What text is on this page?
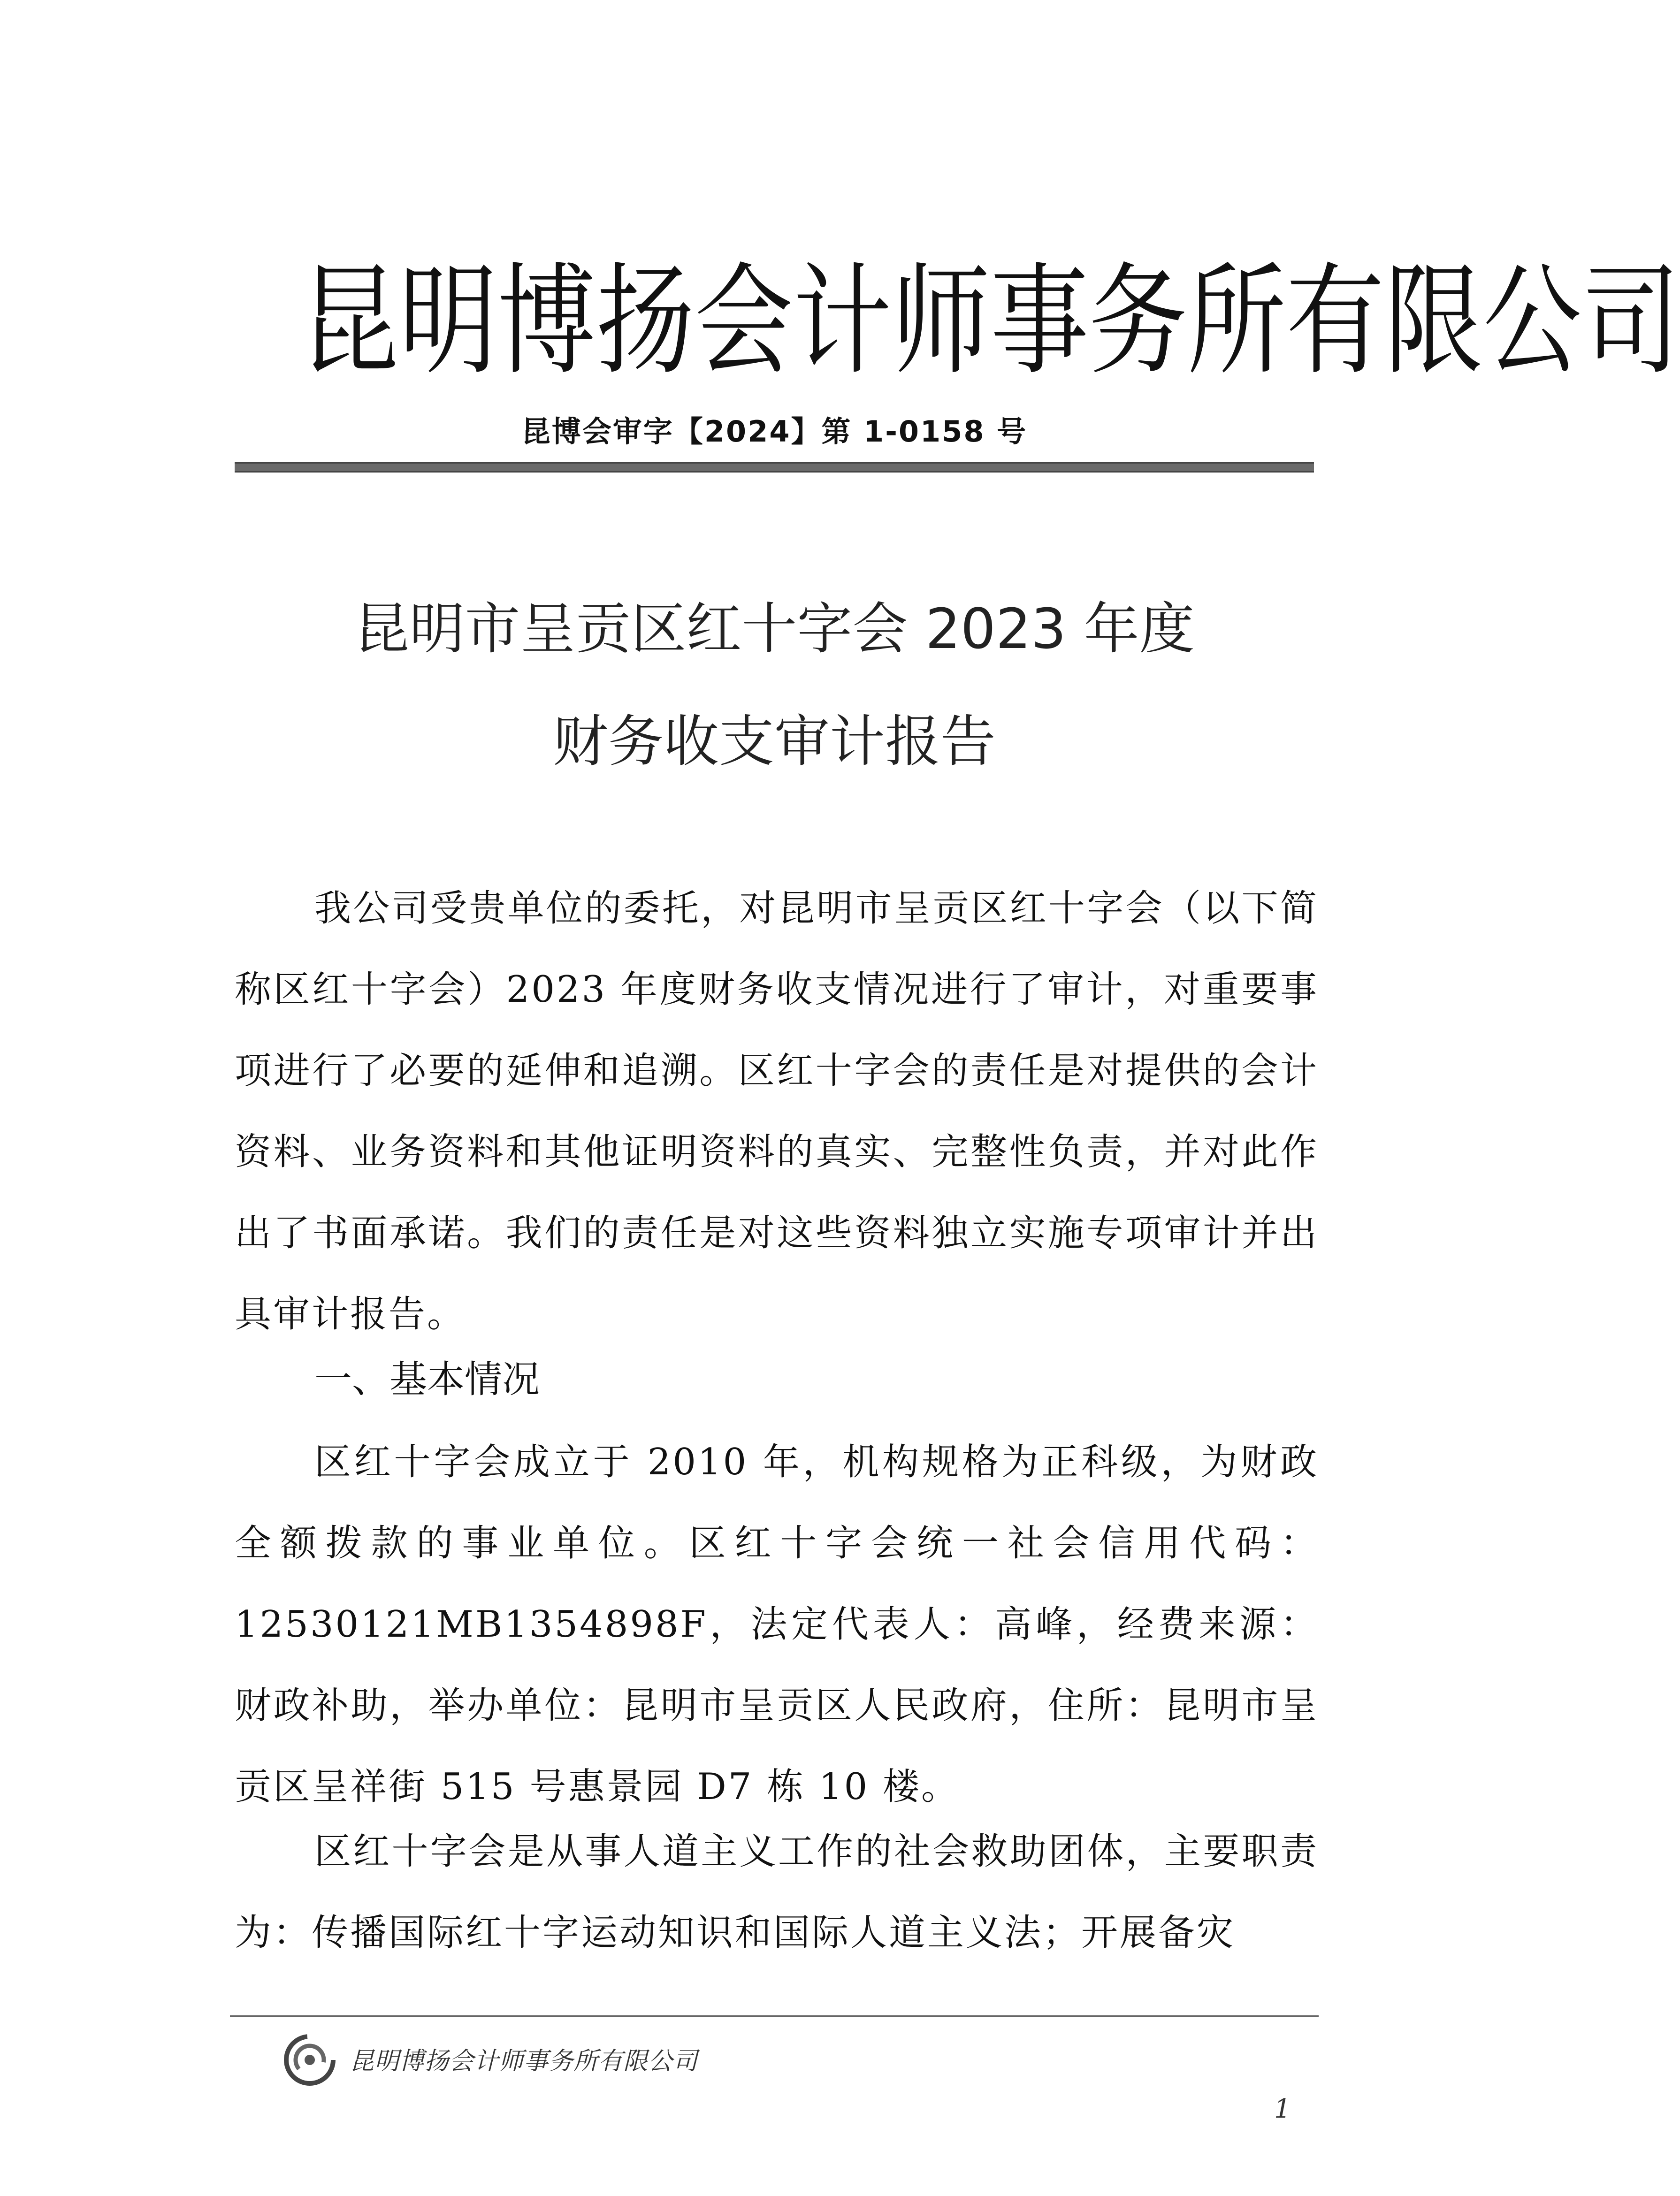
昆 明 博 扬 会 计 师 事 务 所 有 限 公 司
昆博会审字【2024】第 1-0158 号
昆明市呈贡区红十字会 2023 年度
财务收支审计报告

我公司受贵单位的委托，对昆明市呈贡区红十字会（以下简称区红十字会）2023 年度财务收支情况进行了审计，对重要事项进行了必要的延伸和追溯。区红十字会的责任是对提供的会计资料、业务资料和其他证明资料的真实、完整性负责，并对此作出了书面承诺。我们的责任是对这些资料独立实施专项审计并出具审计报告。

一、基本情况

区红十字会成立于 2010 年，机构规格为正科级，为财政全额拨款的事业单位。区红十字会统一社会信用代码：12530121MB1354898F，法定代表人：高峰，经费来源：财政补助，举办单位：昆明市呈贡区人民政府，住所：昆明市呈贡区呈祥街 515 号惠景园 D7 栋 10 楼。

区红十字会是从事人道主义工作的社会救助团体，主要职责为：传播国际红十字运动知识和国际人道主义法；开展备灾

昆明博扬会计师事务所有限公司
1
